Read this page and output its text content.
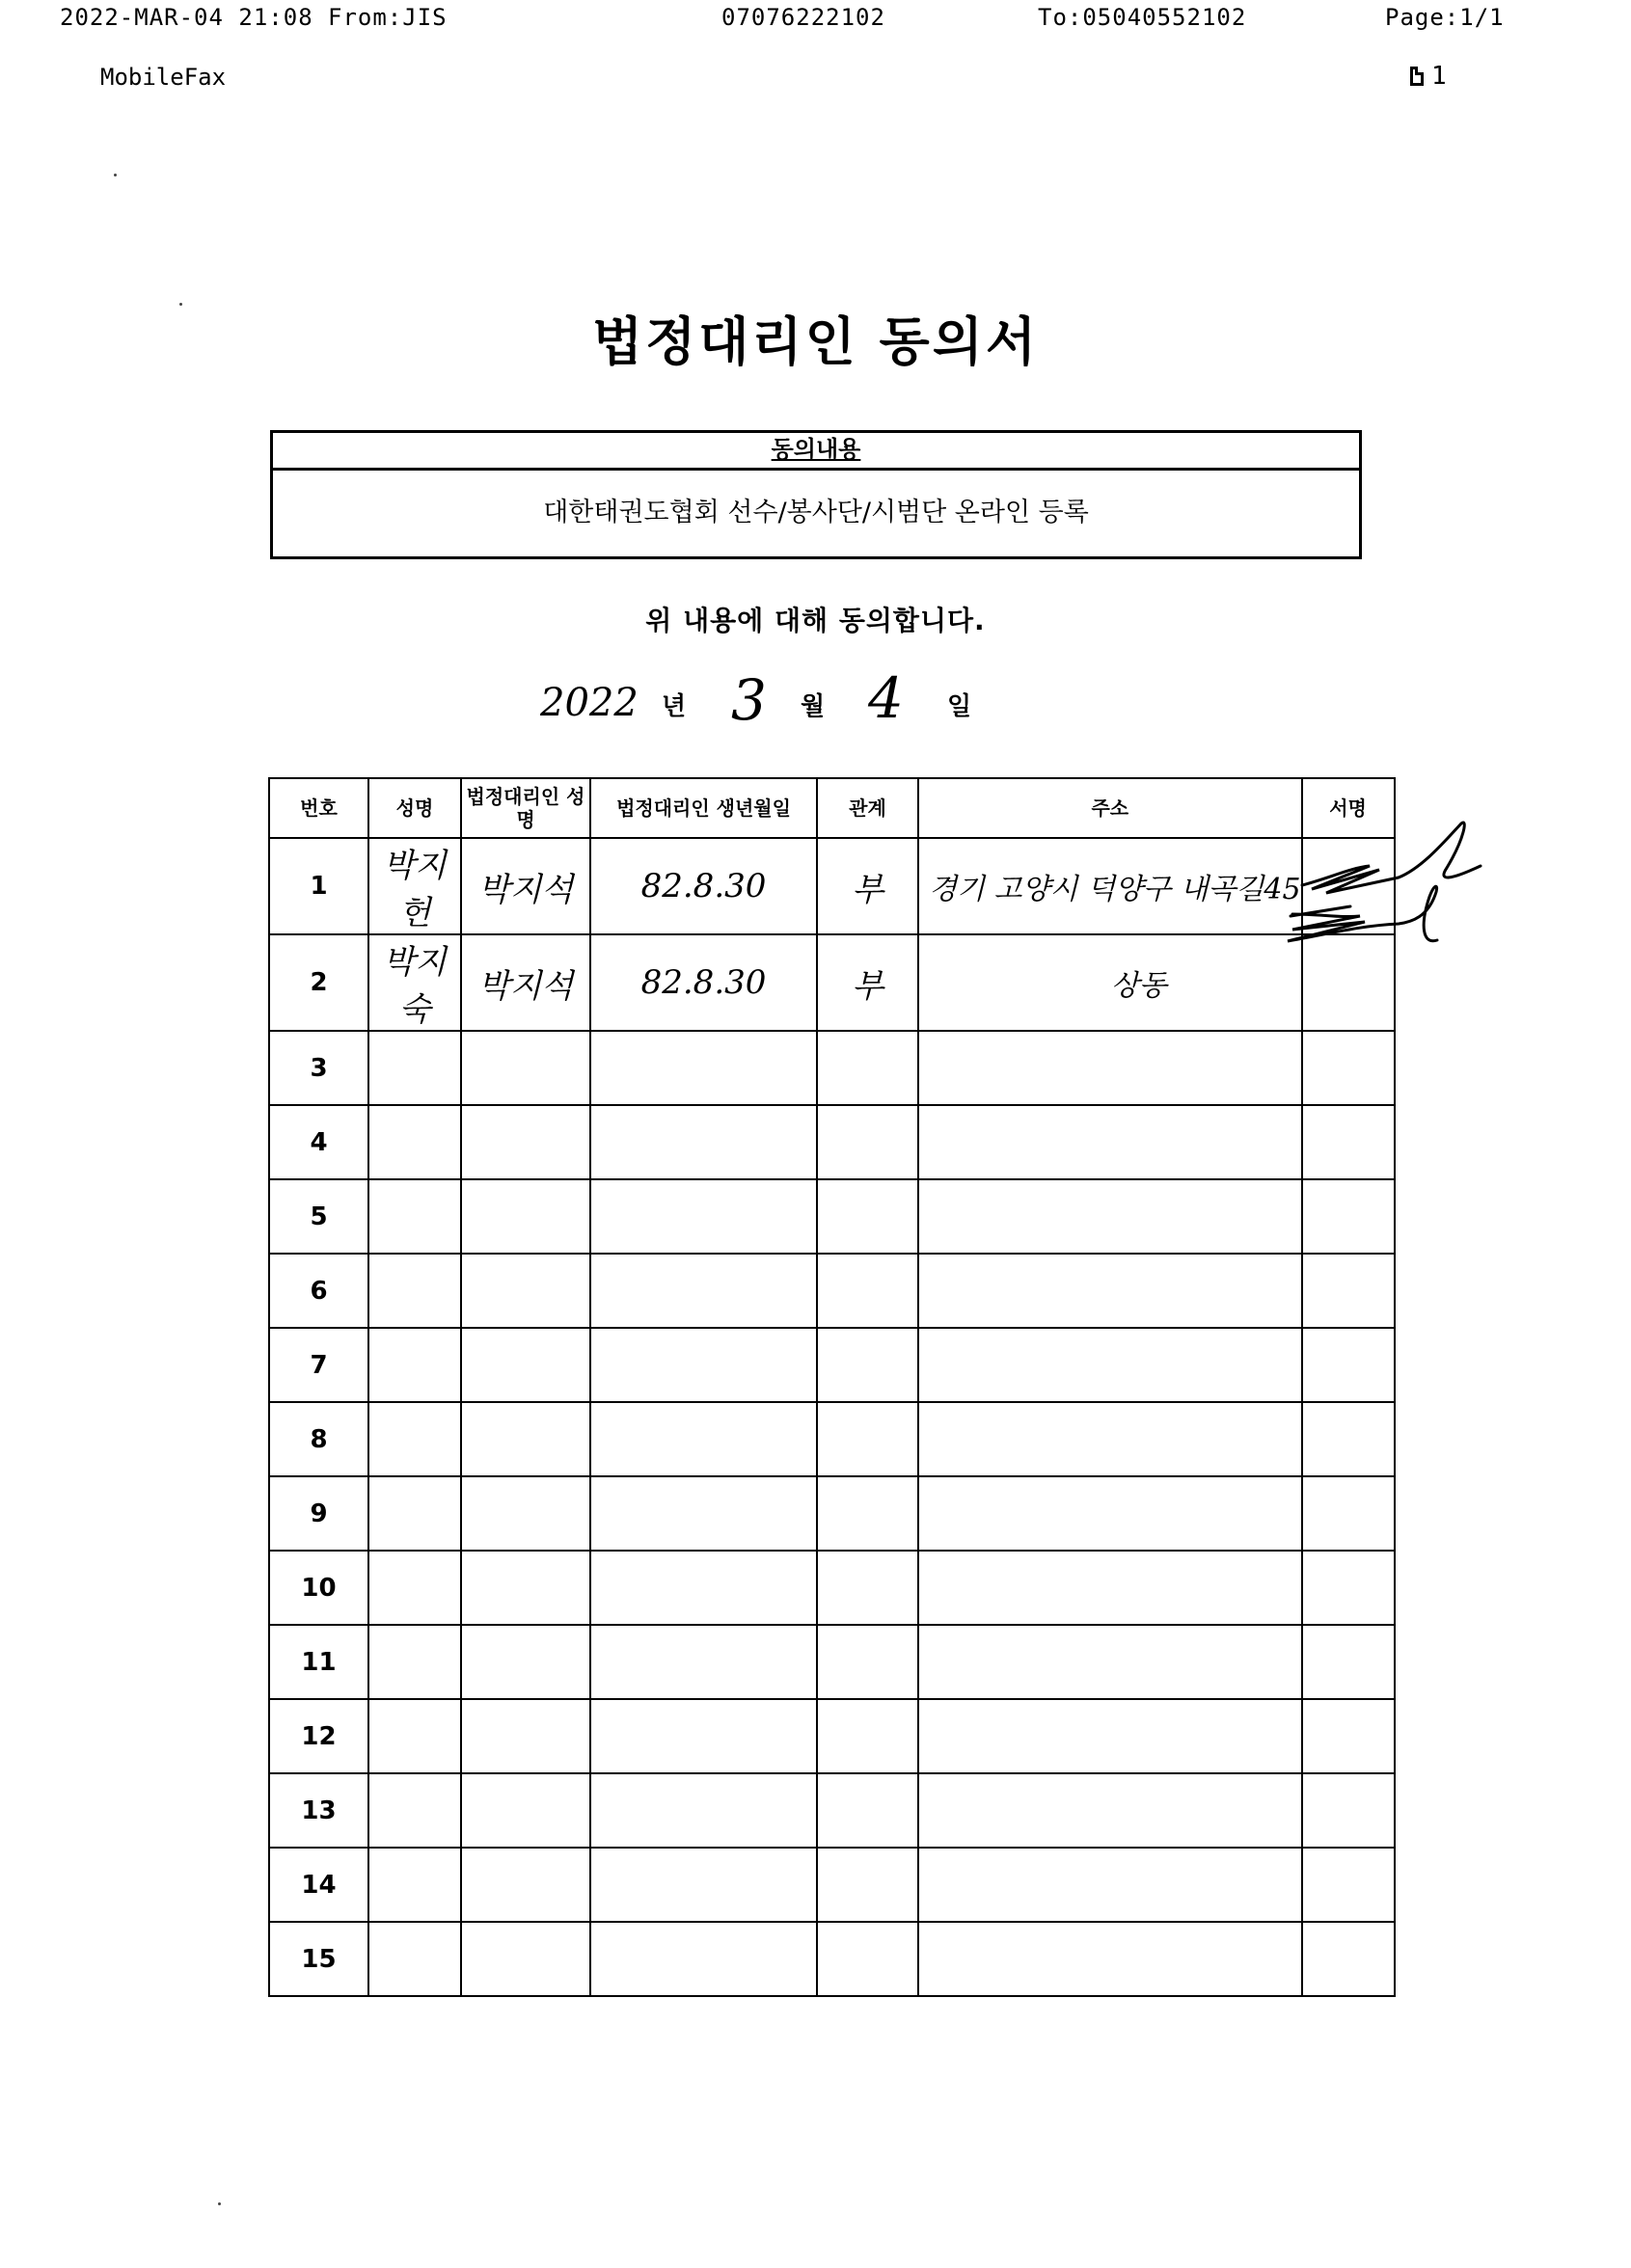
2022-MAR-04 21:08 From:JIS	07076222102	To:05040552102	Page:1/1
MobileFax	1
법정대리인 동의서
동의내용
대한태권도협회 선수/봉사단/시범단 온라인 등록
위 내용에 대해 동의합니다.
2022 년 3 월 4 일
번호	성명	법정대리인 성명	법정대리인 생년월일	관계	주소	서명
1	박지헌	박지석	82.8.30	부	경기 고양시 덕양구 내곡길45	
2	박지숙	박지석	82.8.30	부	상동	
3						
4						
5						
6						
7						
8						
9						
10						
11						
12						
13						
14						
15						
